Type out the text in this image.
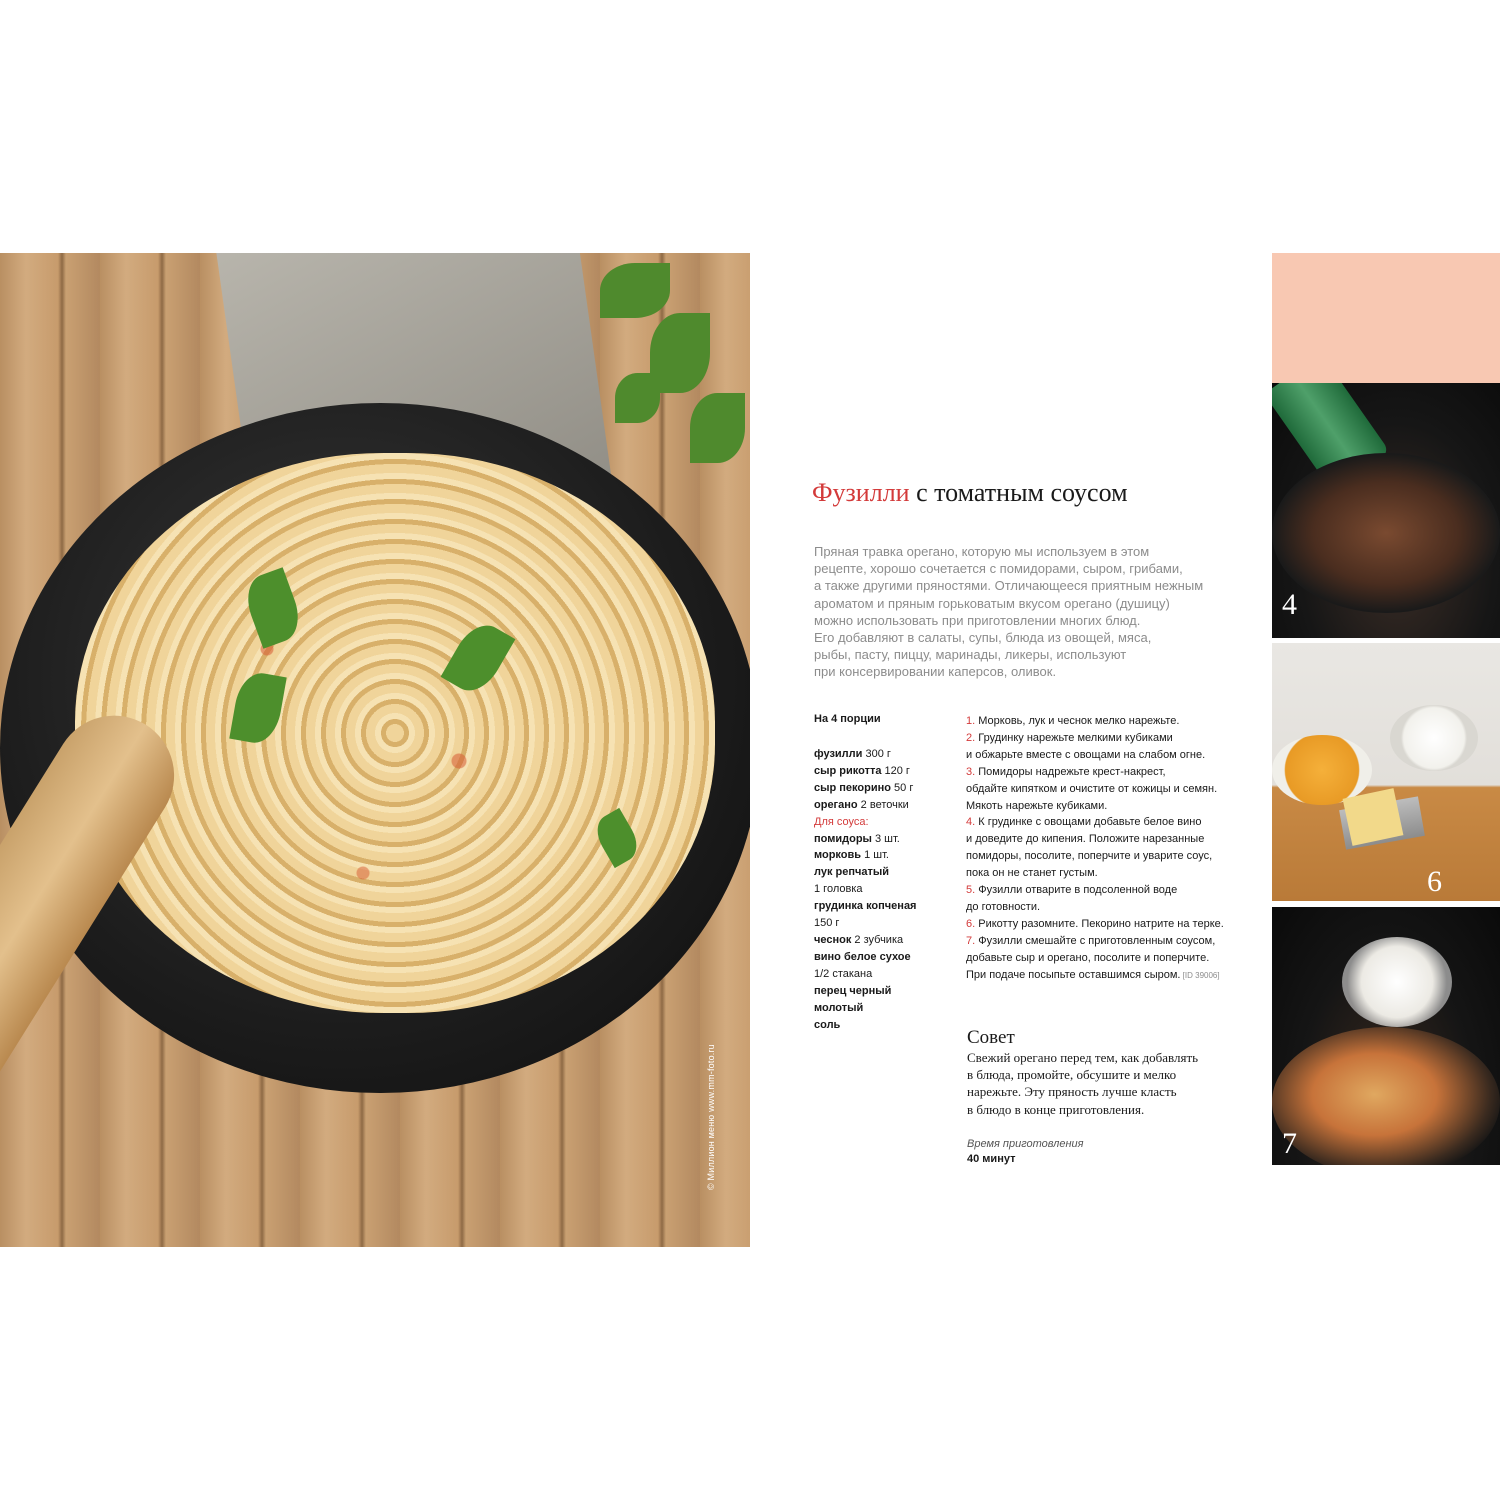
© Миллион меню www.mm-foto.ru
Фузилли с томатным соусом
Пряная травка орегано, которую мы используем в этом
рецепте, хорошо сочетается с помидорами, сыром, грибами,
а также другими пряностями. Отличающееся приятным нежным
ароматом и пряным горьковатым вкусом орегано (душицу)
можно использовать при приготовлении многих блюд.
Его добавляют в салаты, супы, блюда из овощей, мяса,
рыбы, пасту, пиццу, маринады, ликеры, используют
при консервировании каперсов, оливок.
На 4 порции
фузилли 300 г
сыр рикотта 120 г
сыр пекорино 50 г
орегано 2 веточки
Для соуса:
помидоры 3 шт.
морковь 1 шт.
лук репчатый
1 головка
грудинка копченая
150 г
чеснок 2 зубчика
вино белое сухое
1/2 стакана
перец черный
молотый
соль
1. Морковь, лук и чеснок мелко нарежьте.
2. Грудинку нарежьте мелкими кубиками
и обжарьте вместе с овощами на слабом огне.
3. Помидоры надрежьте крест-накрест,
обдайте кипятком и очистите от кожицы и семян.
Мякоть нарежьте кубиками.
4. К грудинке с овощами добавьте белое вино
и доведите до кипения. Положите нарезанные
помидоры, посолите, поперчите и уварите соус,
пока он не станет густым.
5. Фузилли отварите в подсоленной воде
до готовности.
6. Рикотту разомните. Пекорино натрите на терке.
7. Фузилли смешайте с приготовленным соусом,
добавьте сыр и орегано, посолите и поперчите.
При подаче посыпьте оставшимся сыром. [ID 39006]
Совет
Свежий орегано перед тем, как добавлять
в блюда, промойте, обсушите и мелко
нарежьте. Эту пряность лучше класть
в блюдо в конце приготовления.
Время приготовления
40 минут
4
6
7
